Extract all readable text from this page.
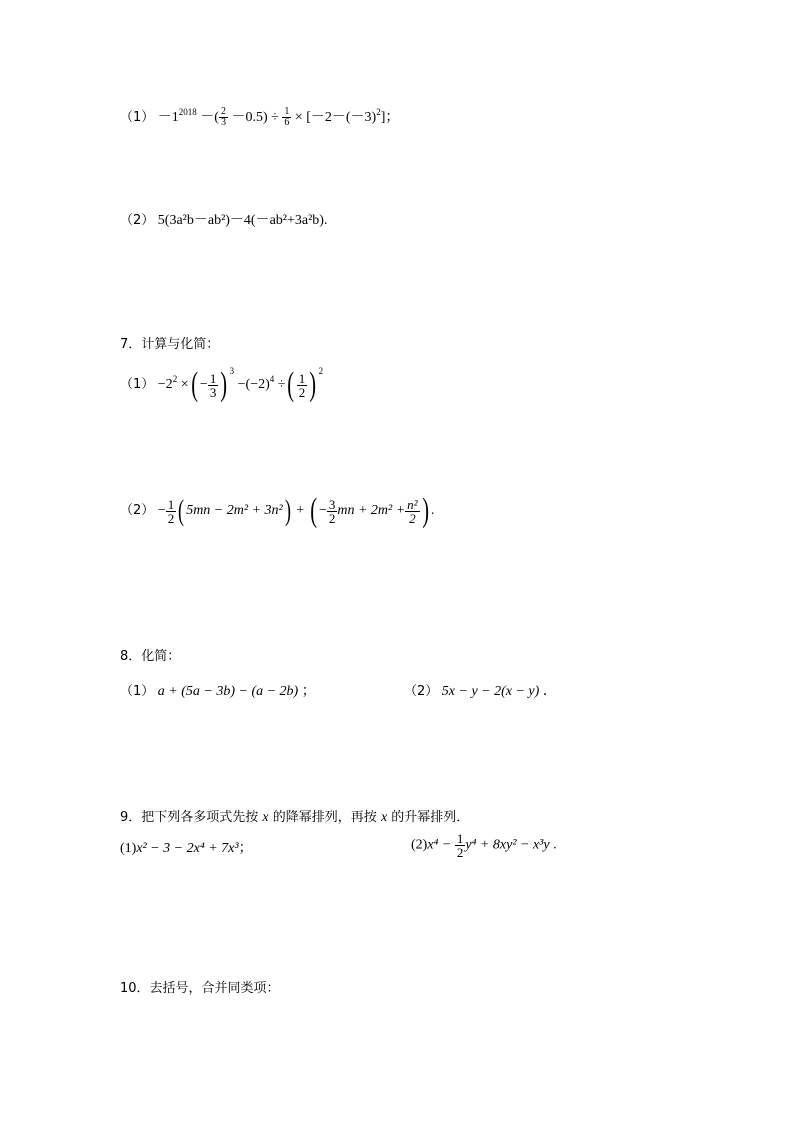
$(1) -1^{2018}$ －( $\frac{2}{3} -0.5) \div \frac{1}{6} \times [-2-(-3)^2]$；
（2） 5(3a²b－ab²)－4(－ab²+3a²b).
7．计算与化简：
$(1) -2^2$ ×( − $\frac{1}{3}$ ) $^3 -(-2)^4$ ÷( $\frac{1}{2}$ ) $^2$
$(2) - \frac{1}{2}$ ( 5mn − 2m² + 3n²) + ( − $\frac{3}{2}$ mn + $2m^2 + \frac{\text{n²}}{2}$ ) .
8．化简：
（1） a + (5a − 3b) − (a − 2b) ；	（2） 5x − y − 2(x − y) ．
9．把下列各多项式先按 x 的降幂排列，再按 x 的升幂排列．
(1)x² − 3 − 2x⁴ + 7x³；	$(2)x^4 - \frac{1}{2} y^4 + 8xy^2 - x^3y$ .
10．去括号，合并同类项：
